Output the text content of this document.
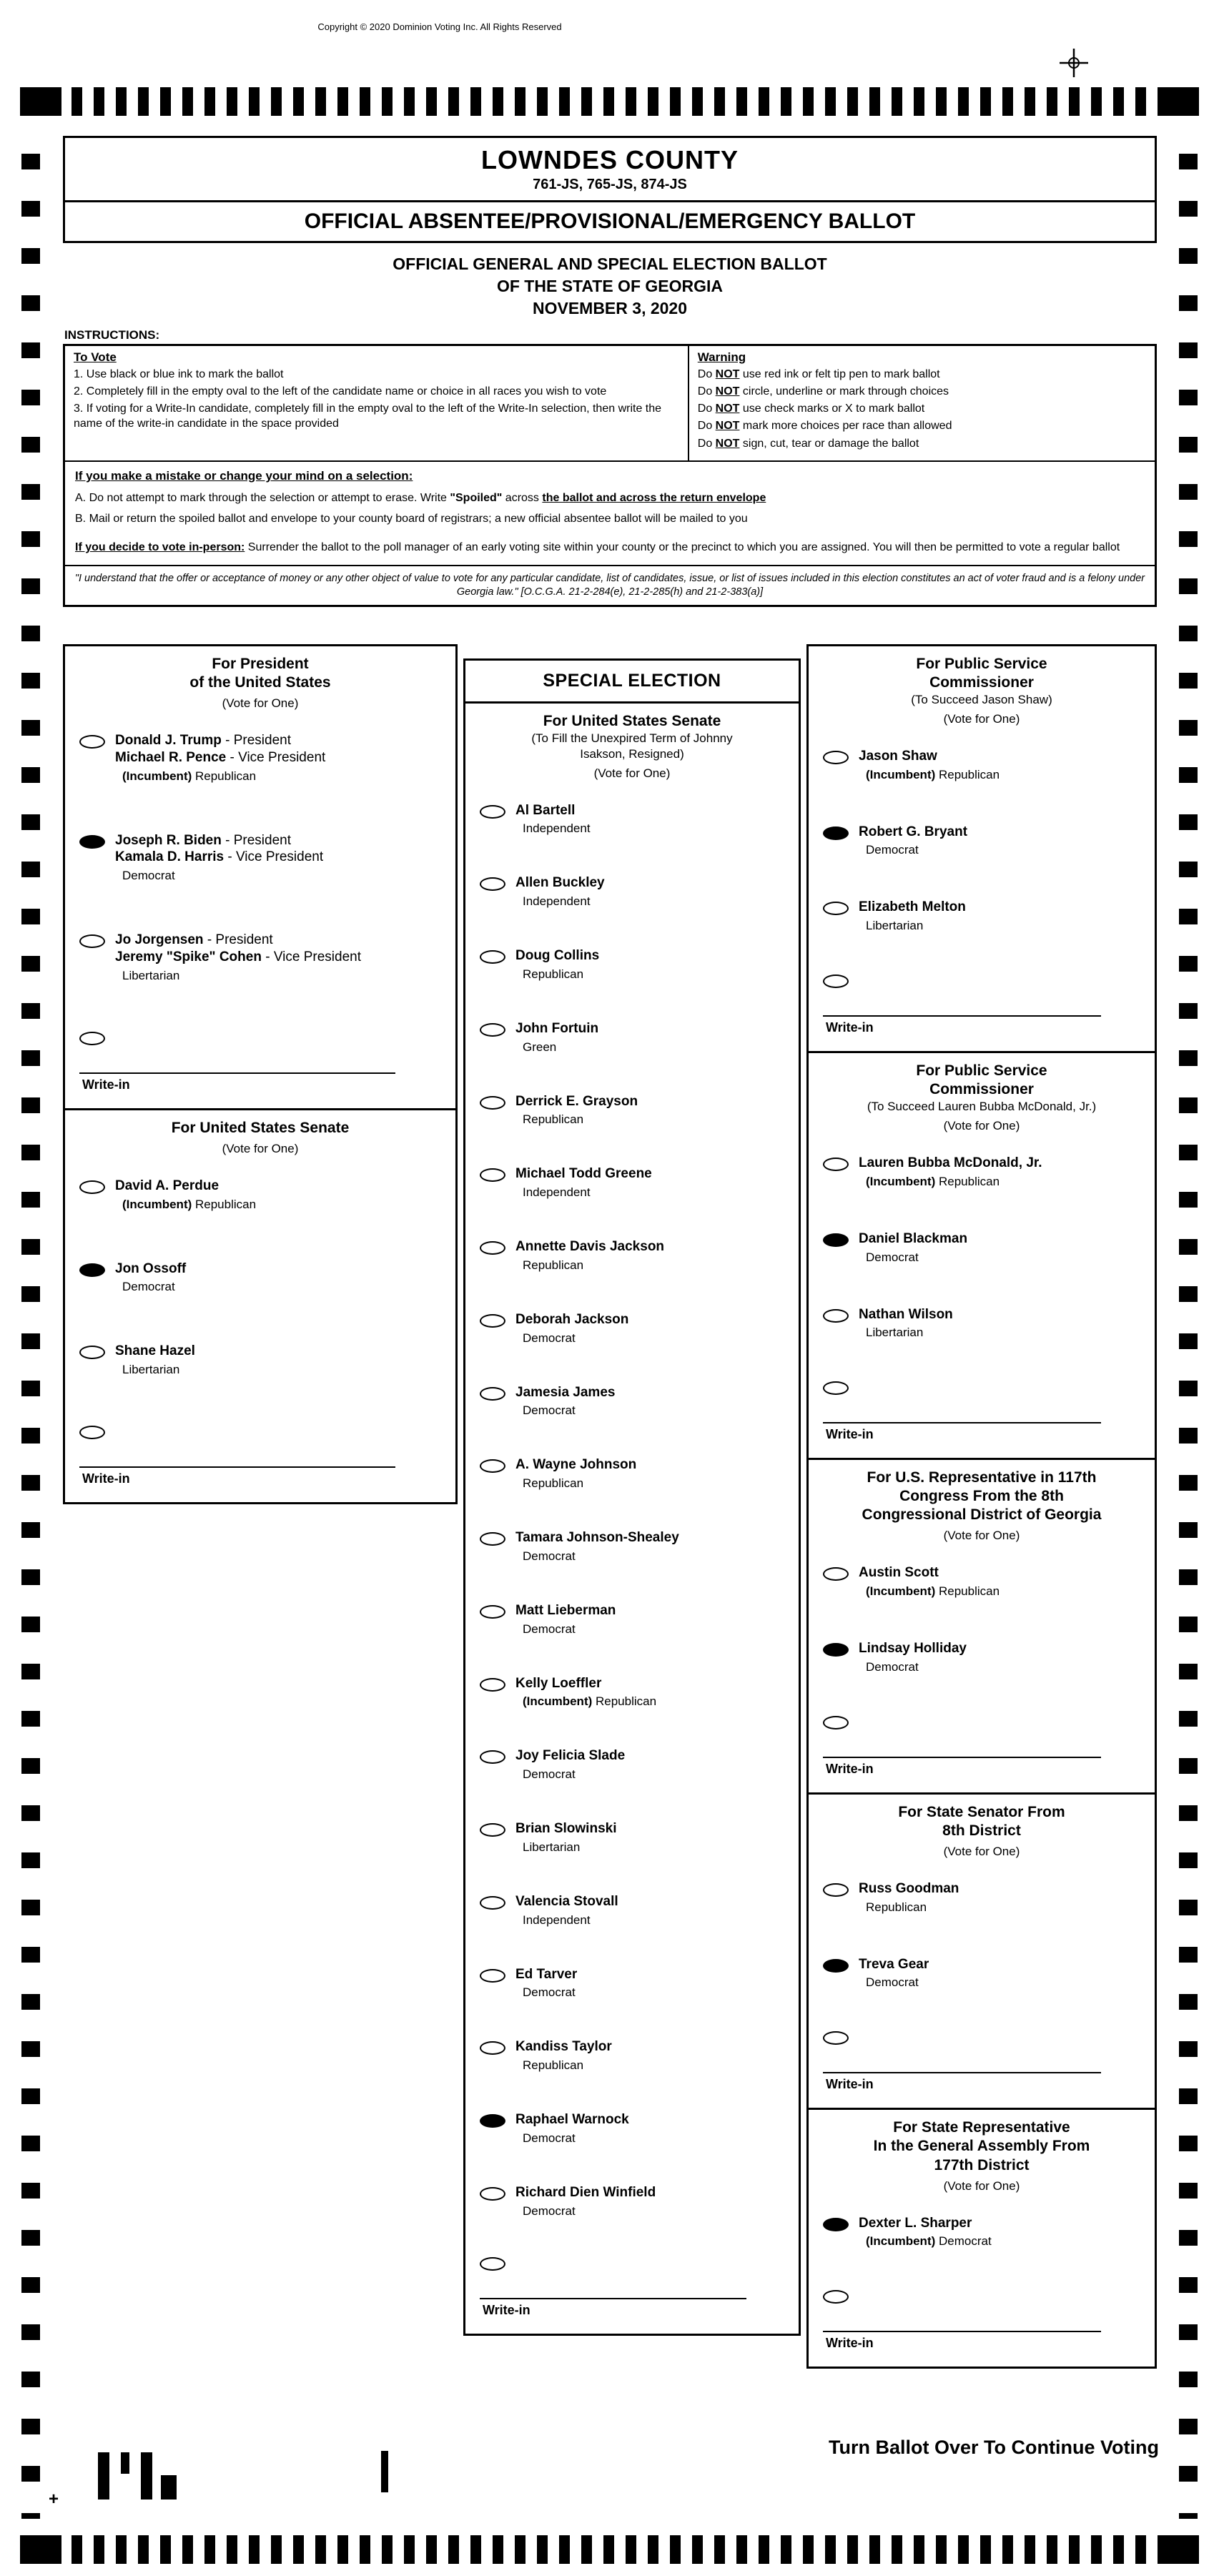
Copyright © 2020 Dominion Voting Inc. All Rights Reserved
LOWNDES COUNTY
761-JS, 765-JS, 874-JS
OFFICIAL ABSENTEE/PROVISIONAL/EMERGENCY BALLOT
OFFICIAL GENERAL AND SPECIAL ELECTION BALLOT
OF THE STATE OF GEORGIA
NOVEMBER 3, 2020
INSTRUCTIONS:
To Vote
1. Use black or blue ink to mark the ballot
2. Completely fill in the empty oval to the left of the candidate name or choice in all races you wish to vote
3. If voting for a Write-In candidate, completely fill in the empty oval to the left of the Write-In selection, then write the name of the write-in candidate in the space provided
Warning
Do NOT use red ink or felt tip pen to mark ballot
Do NOT circle, underline or mark through choices
Do NOT use check marks or X to mark ballot
Do NOT mark more choices per race than allowed
Do NOT sign, cut, tear or damage the ballot
If you make a mistake or change your mind on a selection:
A. Do not attempt to mark through the selection or attempt to erase. Write "Spoiled" across the ballot and across the return envelope
B. Mail or return the spoiled ballot and envelope to your county board of registrars; a new official absentee ballot will be mailed to you
If you decide to vote in-person: Surrender the ballot to the poll manager of an early voting site within your county or the precinct to which you are assigned. You will then be permitted to vote a regular ballot
"I understand that the offer or acceptance of money or any other object of value to vote for any particular candidate, list of candidates, issue, or list of issues included in this election constitutes an act of voter fraud and is a felony under Georgia law." [O.C.G.A. 21-2-284(e), 21-2-285(h) and 21-2-383(a)]
For President
of the United States
(Vote for One)
Donald J. Trump - President
Michael R. Pence - Vice President
(Incumbent) Republican
Joseph R. Biden - President
Kamala D. Harris - Vice President
Democrat
Jo Jorgensen - President
Jeremy "Spike" Cohen - Vice President
Libertarian
Write-in
For United States Senate
(Vote for One)
David A. Perdue
(Incumbent) Republican
Jon Ossoff
Democrat
Shane Hazel
Libertarian
Write-in
SPECIAL ELECTION
For United States Senate
(To Fill the Unexpired Term of Johnny
Isakson, Resigned)
(Vote for One)
Al Bartell
Independent
Allen Buckley
Independent
Doug Collins
Republican
John Fortuin
Green
Derrick E. Grayson
Republican
Michael Todd Greene
Independent
Annette Davis Jackson
Republican
Deborah Jackson
Democrat
Jamesia James
Democrat
A. Wayne Johnson
Republican
Tamara Johnson-Shealey
Democrat
Matt Lieberman
Democrat
Kelly Loeffler
(Incumbent) Republican
Joy Felicia Slade
Democrat
Brian Slowinski
Libertarian
Valencia Stovall
Independent
Ed Tarver
Democrat
Kandiss Taylor
Republican
Raphael Warnock
Democrat
Richard Dien Winfield
Democrat
Write-in
For Public Service
Commissioner
(To Succeed Jason Shaw)
(Vote for One)
Jason Shaw
(Incumbent) Republican
Robert G. Bryant
Democrat
Elizabeth Melton
Libertarian
Write-in
For Public Service
Commissioner
(To Succeed Lauren Bubba McDonald, Jr.)
(Vote for One)
Lauren Bubba McDonald, Jr.
(Incumbent) Republican
Daniel Blackman
Democrat
Nathan Wilson
Libertarian
Write-in
For U.S. Representative in 117th
Congress From the 8th
Congressional District of Georgia
(Vote for One)
Austin Scott
(Incumbent) Republican
Lindsay Holliday
Democrat
Write-in
For State Senator From
8th District
(Vote for One)
Russ Goodman
Republican
Treva Gear
Democrat
Write-in
For State Representative
In the General Assembly From
177th District
(Vote for One)
Dexter L. Sharper
(Incumbent) Democrat
Write-in
+
Turn Ballot Over To Continue Voting
